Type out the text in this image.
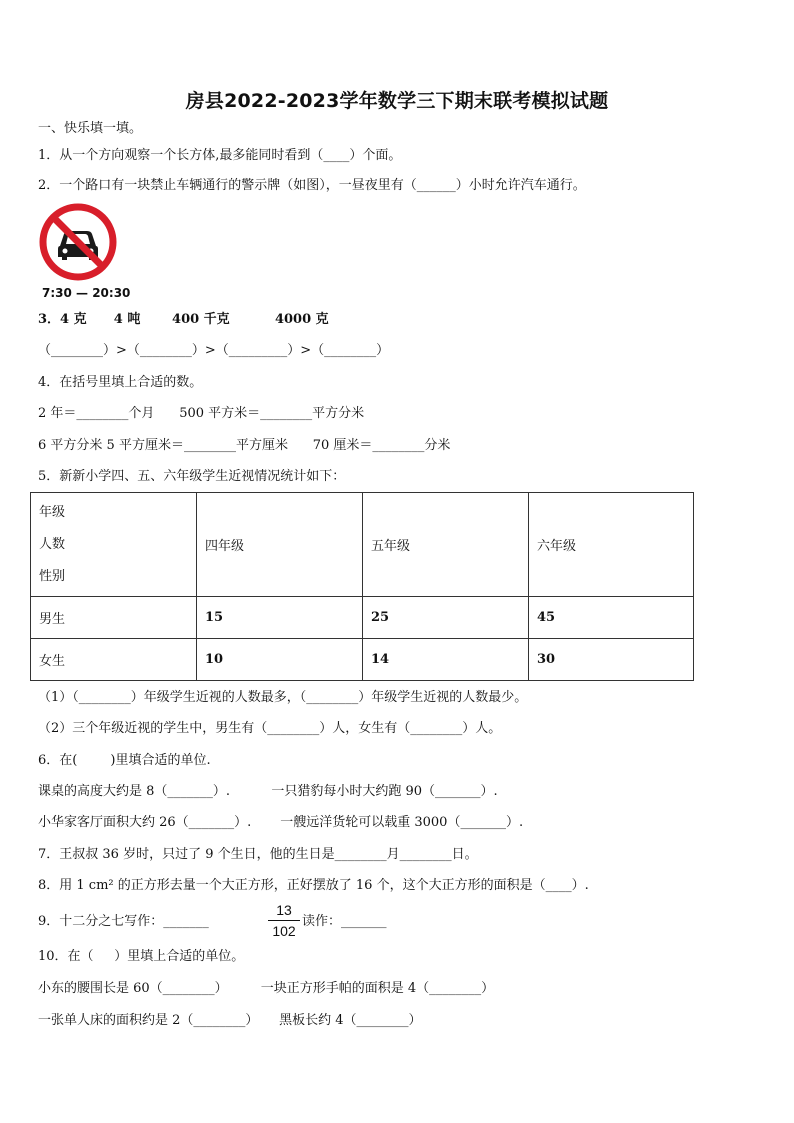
房县2022-2023学年数学三下期末联考模拟试题
一、快乐填一填。
1．从一个方向观察一个长方体,最多能同时看到（____）个面。
2．一个路口有一块禁止车辆通行的警示牌（如图），一昼夜里有（______）小时允许汽车通行。
7:30 — 20:30
3．4 克      4 吨       400 千克          4000 克
（________）>（________）>（_________）>（________）
4．在括号里填上合适的数。
2 年＝________个月      500 平方米＝________平方分米
6 平方分米 5 平方厘米＝________平方厘米      70 厘米＝________分米
5．新新小学四、五、六年级学生近视情况统计如下：
年级
人数
性别	四年级	五年级	六年级
男生	15	25	45
女生	10	14	30
（1）（________）年级学生近视的人数最多，（________）年级学生近视的人数最少。
（2）三个年级近视的学生中，男生有（________）人，女生有（________）人。
6．在(        )里填合适的单位.
课桌的高度大约是 8（_______）.          一只猎豹每小时大约跑 90（_______）.
小华家客厅面积大约 26（_______）.       一艘远洋货轮可以载重 3000（_______）.
7．王叔叔 36 岁时，只过了 9 个生日，他的生日是________月________日。
8．用 1 cm² 的正方形去量一个大正方形，正好摆放了 16 个，这个大正方形的面积是（____）.
9．十二分之七写作：_______
13
102
读作：_______
10．在（     ）里填上合适的单位。
小东的腰围长是 60（________）        一块正方形手帕的面积是 4（________）
一张单人床的面积约是 2（________）     黑板长约 4（________）
